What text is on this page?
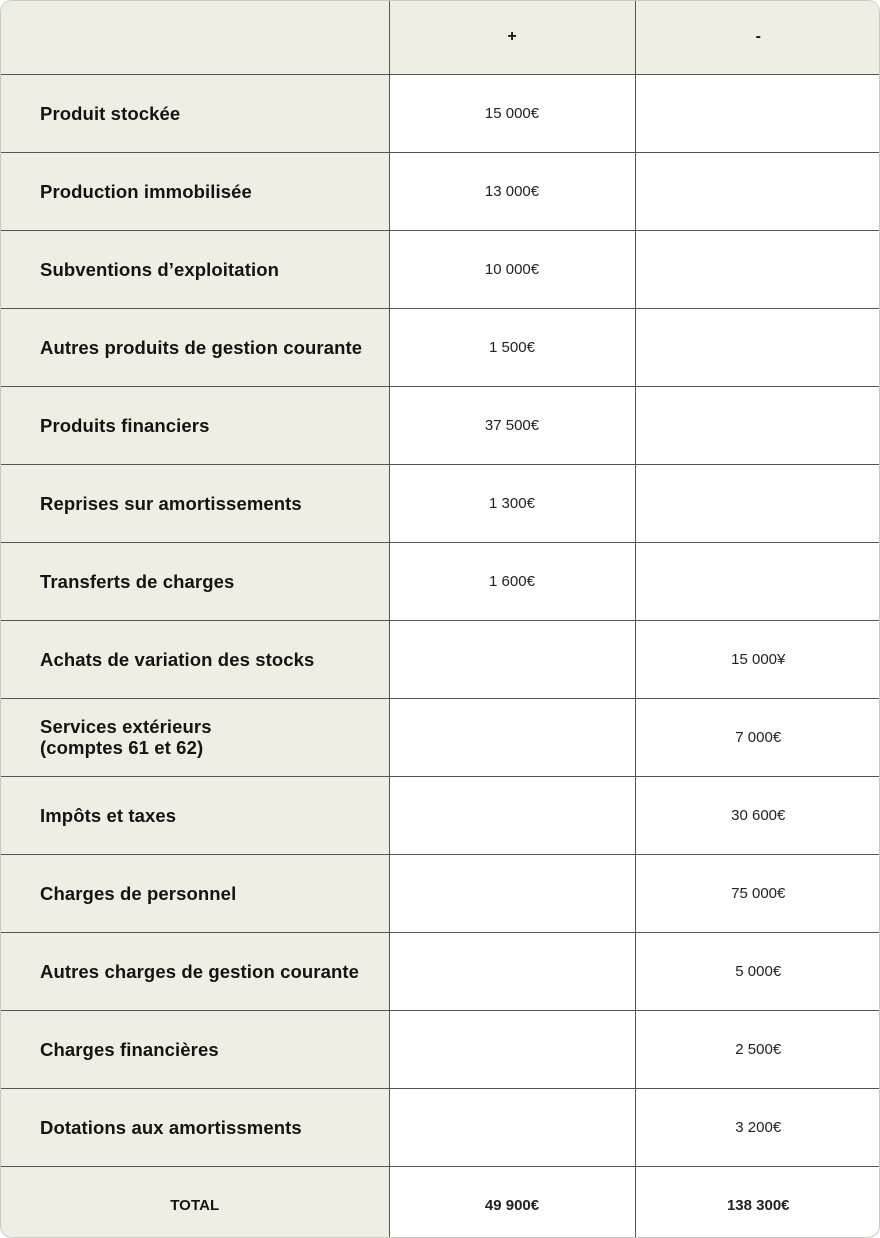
	+	-
Produit stockée	15 000€	
Production immobilisée	13 000€	
Subventions d’exploitation	10 000€	
Autres produits de gestion courante	1 500€	
Produits financiers	37 500€	
Reprises sur amortissements	1 300€	
Transferts de charges	1 600€	
Achats de variation des stocks		15 000¥
Services extérieurs
(comptes 61 et 62)		7 000€
Impôts et taxes		30 600€
Charges de personnel		75 000€
Autres charges de gestion courante		5 000€
Charges financières		2 500€
Dotations aux amortissments		3 200€
TOTAL	49 900€	138 300€
